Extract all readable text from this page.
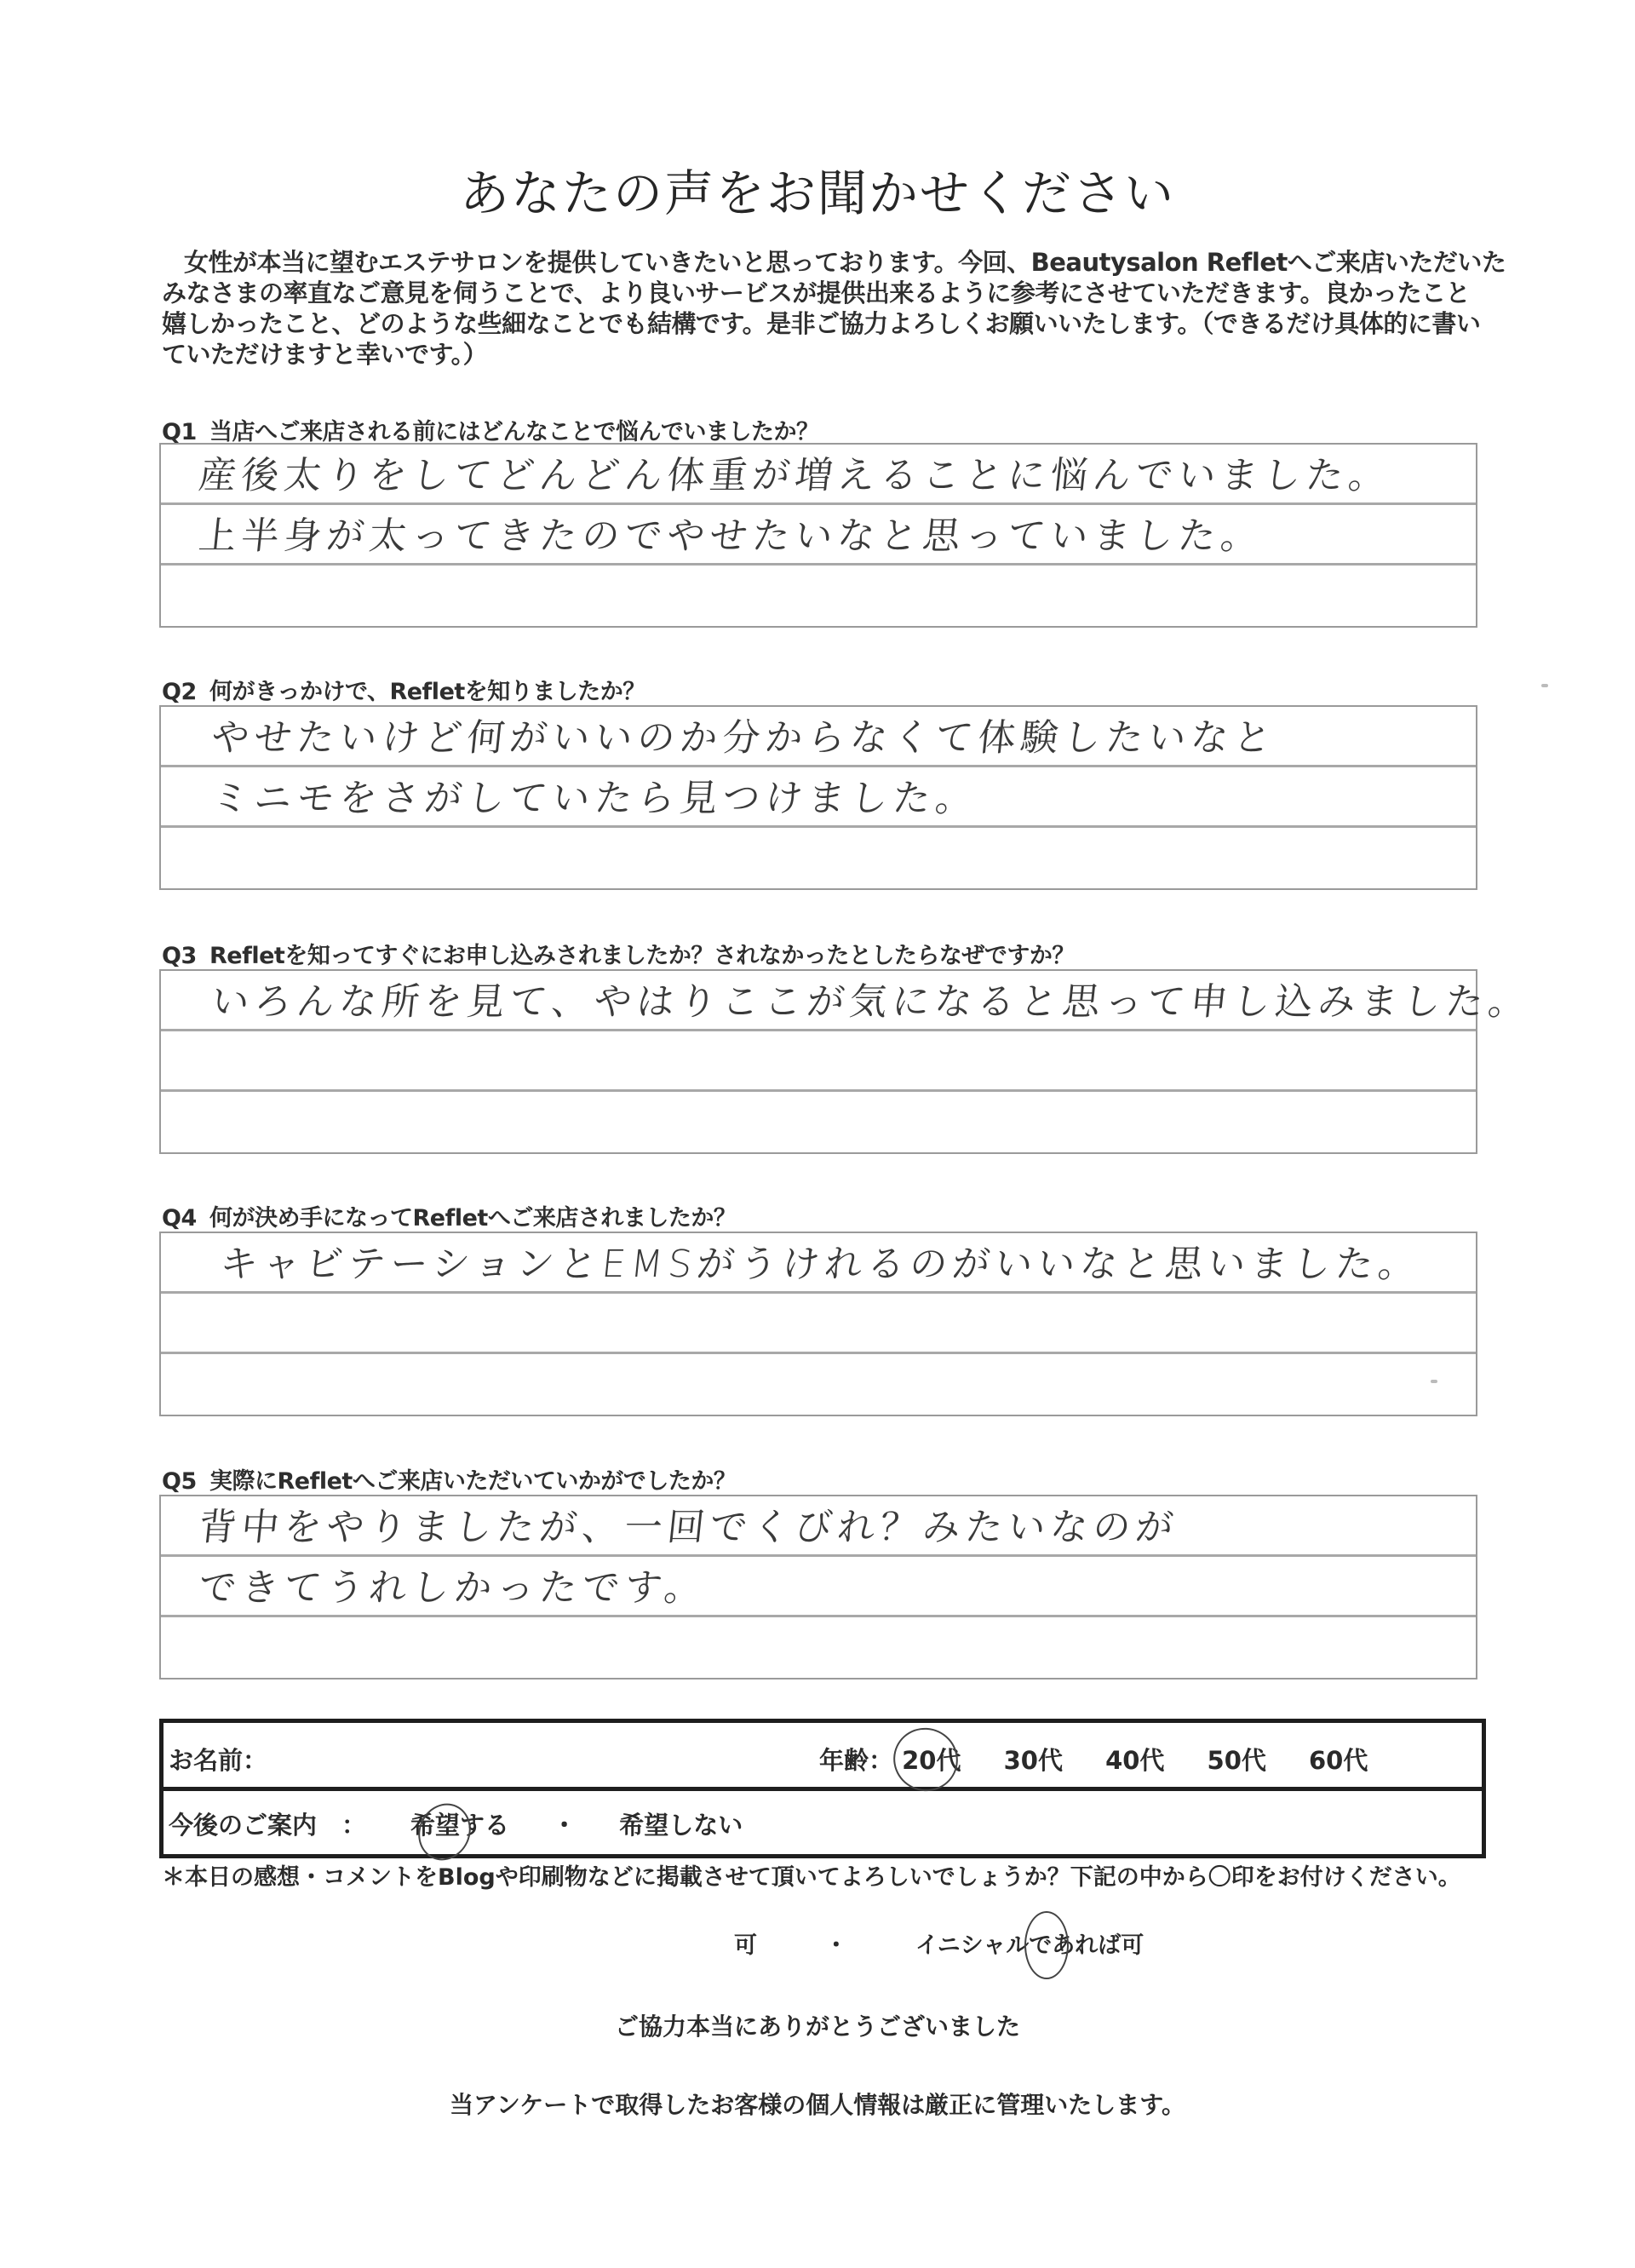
あなたの声をお聞かせください
女性が本当に望むエステサロンを提供していきたいと思っております。今回、Beautysalon Refletへご来店いただいた
みなさまの率直なご意見を伺うことで、より良いサービスが提供出来るように参考にさせていただきます。良かったこと
嬉しかったこと、どのような些細なことでも結構です。是非ご協力よろしくお願いいたします。（できるだけ具体的に書い
ていただけますと幸いです。）
Q1 当店へご来店される前にはどんなことで悩んでいましたか？
産後太りをしてどんどん体重が増えることに悩んでいました。
上半身が太ってきたのでやせたいなと思っていました。
Q2 何がきっかけで、Refletを知りましたか？
やせたいけど何がいいのか分からなくて体験したいなと
ミニモをさがしていたら見つけました。
Q3 Refletを知ってすぐにお申し込みされましたか？されなかったとしたらなぜですか？
いろんな所を見て、やはりここが気になると思って申し込みました。
Q4 何が決め手になってRefletへご来店されましたか？
キャビテーションとEMSがうけれるのがいいなと思いました。
Q5 実際にRefletへご来店いただいていかがでしたか？
背中をやりましたが、一回でくびれ？みたいなのが
できてうれしかったです。
お名前：	年齢： 20代 30代 40代 50代 60代
今後のご案内　： 希望する ・ 希望しない
＊本日の感想・コメントをBlogや印刷物などに掲載させて頂いてよろしいでしょうか？下記の中から〇印をお付けください。
可	・	イニシャルであれば可
ご協力本当にありがとうございました
当アンケートで取得したお客様の個人情報は厳正に管理いたします。
